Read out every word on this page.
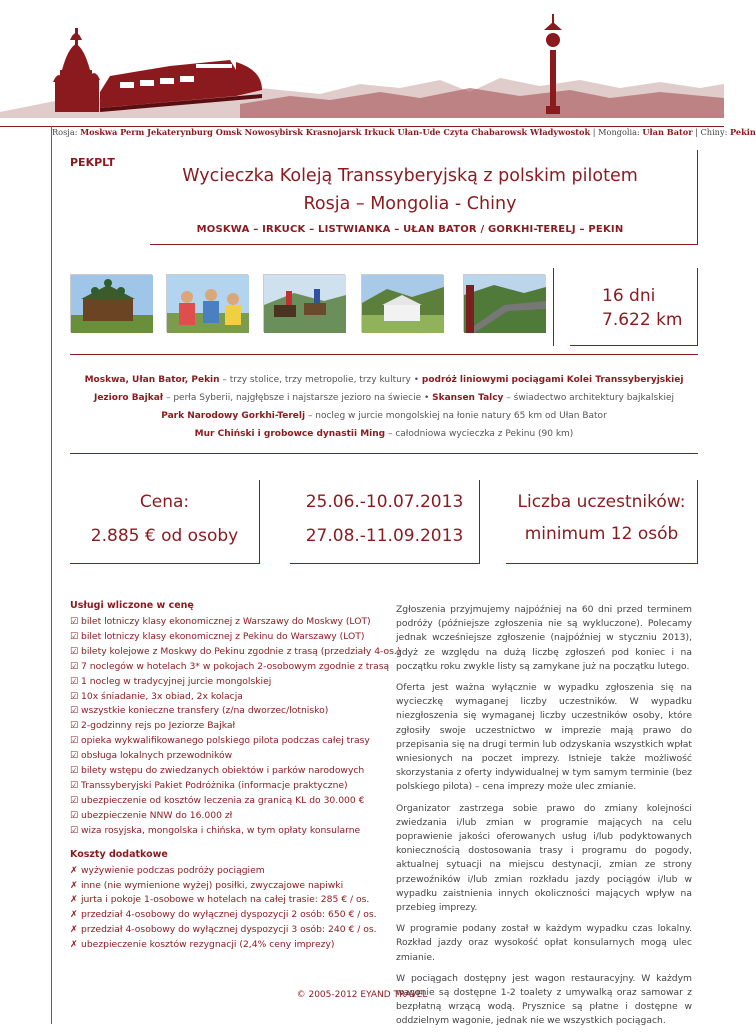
Rosja: Moskwa Perm Jekaterynburg Omsk Nowosybirsk Krasnojarsk Irkuck Ułan-Ude Czyta Chabarowsk Władywostok | Mongolia: Ułan Bator | Chiny: Pekin
PEKPLT
Wycieczka Koleją Transsyberyjską z polskim pilotem
Rosja – Mongolia - Chiny
MOSKWA – IRKUCK – LISTWIANKA – UŁAN BATOR / GORKHI-TERELJ – PEKIN
16 dni
7.622 km
Moskwa, Ułan Bator, Pekin – trzy stolice, trzy metropolie, trzy kultury • podróż liniowymi pociągami Kolei Transsyberyjskiej
Jezioro Bajkał – perła Syberii, najgłębsze i najstarsze jezioro na świecie • Skansen Talcy – świadectwo architektury bajkalskiej
Park Narodowy Gorkhi-Terelj – nocleg w jurcie mongolskiej na łonie natury 65 km od Ułan Bator
Mur Chiński i grobowce dynastii Ming – całodniowa wycieczka z Pekinu (90 km)
Cena:
2.885 € od osoby
25.06.-10.07.2013
27.08.-11.09.2013
Liczba uczestników:
minimum 12 osób
Usługi wliczone w cenę
☑ bilet lotniczy klasy ekonomicznej z Warszawy do Moskwy (LOT)
☑ bilet lotniczy klasy ekonomicznej z Pekinu do Warszawy (LOT)
☑ bilety kolejowe z Moskwy do Pekinu zgodnie z trasą (przedziały 4-os.)
☑ 7 noclegów w hotelach 3* w pokojach 2-osobowym zgodnie z trasą
☑ 1 nocleg w tradycyjnej jurcie mongolskiej
☑ 10x śniadanie, 3x obiad, 2x kolacja
☑ wszystkie konieczne transfery (z/na dworzec/lotnisko)
☑ 2-godzinny rejs po Jeziorze Bajkał
☑ opieka wykwalifikowanego polskiego pilota podczas całej trasy
☑ obsługa lokalnych przewodników
☑ bilety wstępu do zwiedzanych obiektów i parków narodowych
☑ Transsyberyjski Pakiet Podróżnika (informacje praktyczne)
☑ ubezpieczenie od kosztów leczenia za granicą KL do 30.000 €
☑ ubezpieczenie NNW do 16.000 zł
☑ wiza rosyjska, mongolska i chińska, w tym opłaty konsularne
Koszty dodatkowe
✗ wyżywienie podczas podróży pociągiem
✗ inne (nie wymienione wyżej) posiłki, zwyczajowe napiwki
✗ jurta i pokoje 1-osobowe w hotelach na całej trasie: 285 € / os.
✗ przedział 4-osobowy do wyłącznej dyspozycji 2 osób: 650 € / os.
✗ przedział 4-osobowy do wyłącznej dyspozycji 3 osób: 240 € / os.
✗ ubezpieczenie kosztów rezygnacji (2,4% ceny imprezy)

Zgłoszenia przyjmujemy najpóźniej na 60 dni przed terminem podróży (późniejsze zgłoszenia nie są wykluczone). Polecamy jednak wcześniejsze zgłoszenie (najpóźniej w styczniu 2013), gdyż ze względu na dużą liczbę zgłoszeń pod koniec i na początku roku zwykle listy są zamykane już na początku lutego.

Oferta jest ważna wyłącznie w wypadku zgłoszenia się na wycieczkę wymaganej liczby uczestników. W wypadku niezgłoszenia się wymaganej liczby uczestników osoby, które zgłosiły swoje uczestnictwo w imprezie mają prawo do przepisania się na drugi termin lub odzyskania wszystkich wpłat wniesionych na poczet imprezy. Istnieje także możliwość skorzystania z oferty indywidualnej w tym samym terminie (bez polskiego pilota) – cena imprezy może ulec zmianie.

Organizator zastrzega sobie prawo do zmiany kolejności zwiedzania i/lub zmian w programie mających na celu poprawienie jakości oferowanych usług i/lub podyktowanych koniecznością dostosowania trasy i programu do pogody, aktualnej sytuacji na miejscu destynacji, zmian ze strony przewoźników i/lub zmian rozkładu jazdy pociągów i/lub w wypadku zaistnienia innych okoliczności mających wpływ na przebieg imprezy.

W programie podany został w każdym wypadku czas lokalny. Rozkład jazdy oraz wysokość opłat konsularnych mogą ulec zmianie.

W pociągach dostępny jest wagon restauracyjny. W każdym wagonie są dostępne 1-2 toalety z umywalką oraz samowar z bezpłatną wrzącą wodą. Prysznice są płatne i dostępne w oddzielnym wagonie, jednak nie we wszystkich pociągach.

© 2005-2012 EYAND TRAVEL
